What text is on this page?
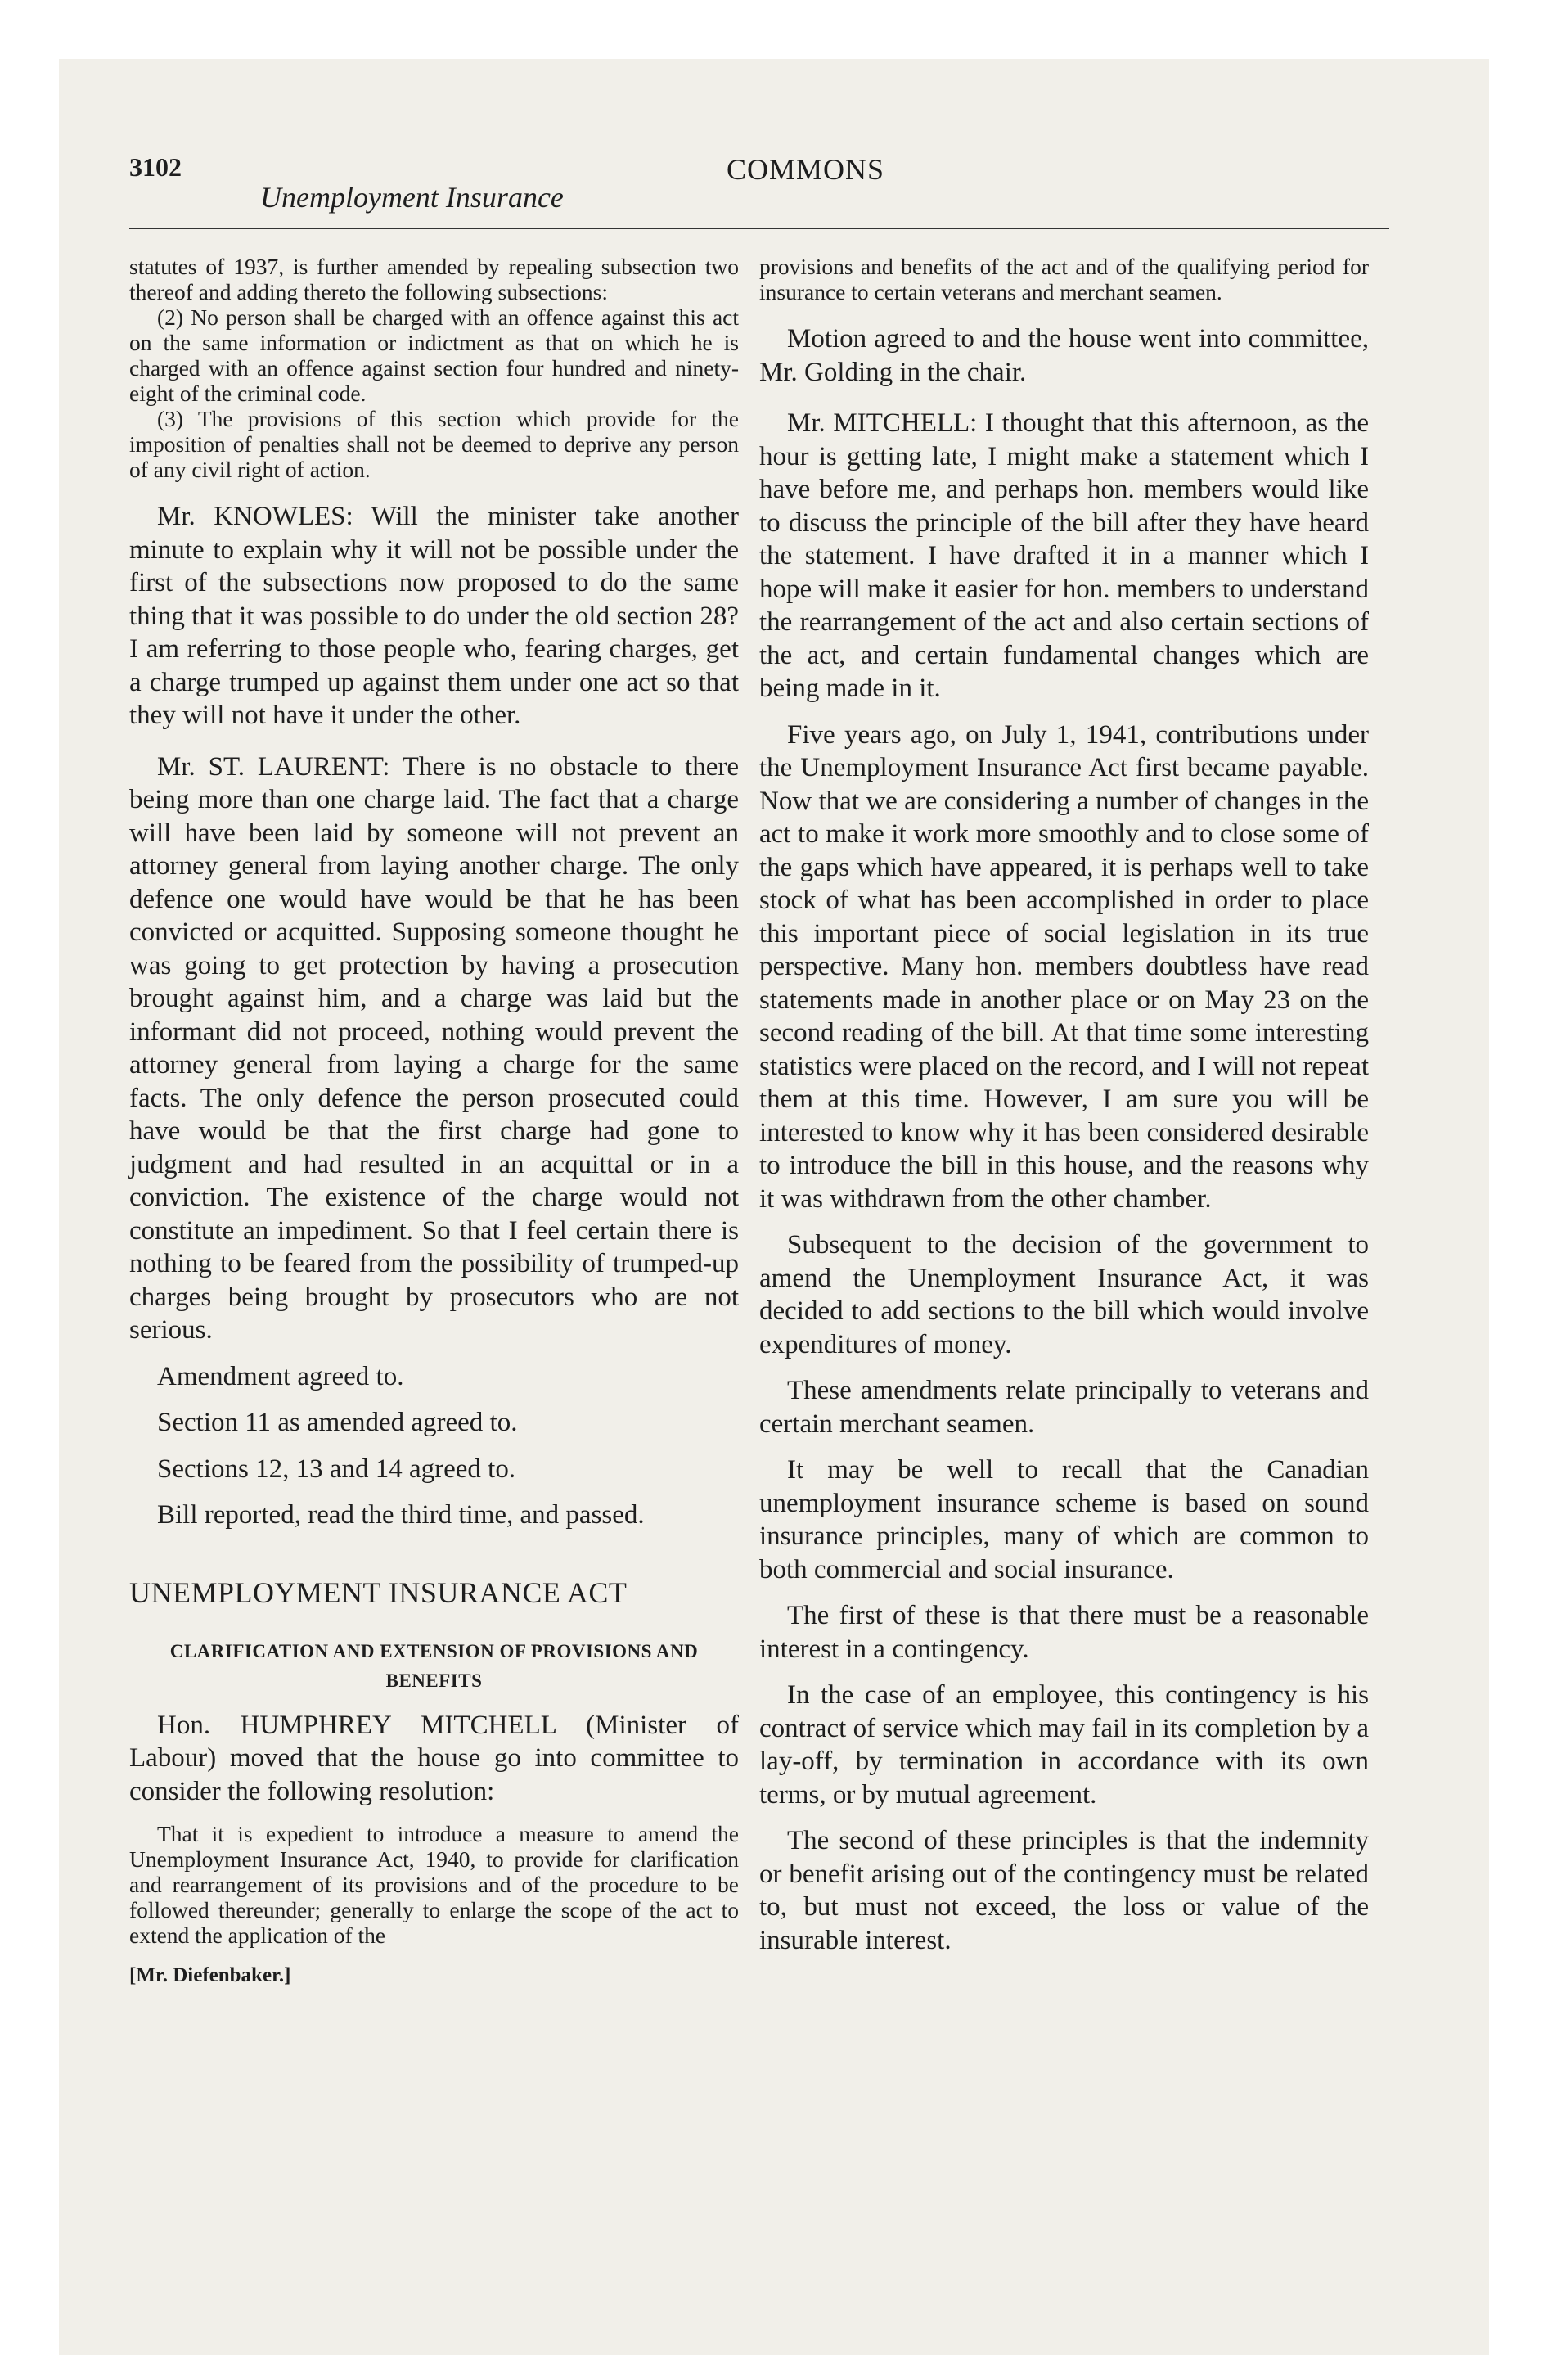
3102
Unemployment Insurance
COMMONS

statutes of 1937, is further amended by repealing subsection two thereof and adding thereto the following subsections:

(2) No person shall be charged with an offence against this act on the same information or indictment as that on which he is charged with an offence against section four hundred and ninety-eight of the criminal code.

(3) The provisions of this section which provide for the imposition of penalties shall not be deemed to deprive any person of any civil right of action.

Mr. KNOWLES: Will the minister take another minute to explain why it will not be possible under the first of the subsections now proposed to do the same thing that it was possible to do under the old section 28? I am referring to those people who, fearing charges, get a charge trumped up against them under one act so that they will not have it under the other.

Mr. ST. LAURENT: There is no obstacle to there being more than one charge laid. The fact that a charge will have been laid by someone will not prevent an attorney general from laying another charge. The only defence one would have would be that he has been convicted or acquitted. Supposing someone thought he was going to get protection by having a prosecution brought against him, and a charge was laid but the informant did not proceed, nothing would prevent the attorney general from laying a charge for the same facts. The only defence the person prosecuted could have would be that the first charge had gone to judgment and had resulted in an acquittal or in a conviction. The existence of the charge would not constitute an impediment. So that I feel certain there is nothing to be feared from the possibility of trumped-up charges being brought by prosecutors who are not serious.

Amendment agreed to.

Section 11 as amended agreed to.

Sections 12, 13 and 14 agreed to.

Bill reported, read the third time, and passed.

UNEMPLOYMENT INSURANCE ACT

CLARIFICATION AND EXTENSION OF PROVISIONS AND BENEFITS

Hon. HUMPHREY MITCHELL (Minister of Labour) moved that the house go into committee to consider the following resolution:

That it is expedient to introduce a measure to amend the Unemployment Insurance Act, 1940, to provide for clarification and rearrangement of its provisions and of the procedure to be followed thereunder; generally to enlarge the scope of the act to extend the application of the

[Mr. Diefenbaker.]

provisions and benefits of the act and of the qualifying period for insurance to certain veterans and merchant seamen.

Motion agreed to and the house went into committee, Mr. Golding in the chair.

Mr. MITCHELL: I thought that this afternoon, as the hour is getting late, I might make a statement which I have before me, and perhaps hon. members would like to discuss the principle of the bill after they have heard the statement. I have drafted it in a manner which I hope will make it easier for hon. members to understand the rearrangement of the act and also certain sections of the act, and certain fundamental changes which are being made in it.

Five years ago, on July 1, 1941, contributions under the Unemployment Insurance Act first became payable. Now that we are considering a number of changes in the act to make it work more smoothly and to close some of the gaps which have appeared, it is perhaps well to take stock of what has been accomplished in order to place this important piece of social legislation in its true perspective. Many hon. members doubtless have read statements made in another place or on May 23 on the second reading of the bill. At that time some interesting statistics were placed on the record, and I will not repeat them at this time. However, I am sure you will be interested to know why it has been considered desirable to introduce the bill in this house, and the reasons why it was withdrawn from the other chamber.

Subsequent to the decision of the government to amend the Unemployment Insurance Act, it was decided to add sections to the bill which would involve expenditures of money.

These amendments relate principally to veterans and certain merchant seamen.

It may be well to recall that the Canadian unemployment insurance scheme is based on sound insurance principles, many of which are common to both commercial and social insurance.

The first of these is that there must be a reasonable interest in a contingency.

In the case of an employee, this contingency is his contract of service which may fail in its completion by a lay-off, by termination in accordance with its own terms, or by mutual agreement.

The second of these principles is that the indemnity or benefit arising out of the contingency must be related to, but must not exceed, the loss or value of the insurable interest.
